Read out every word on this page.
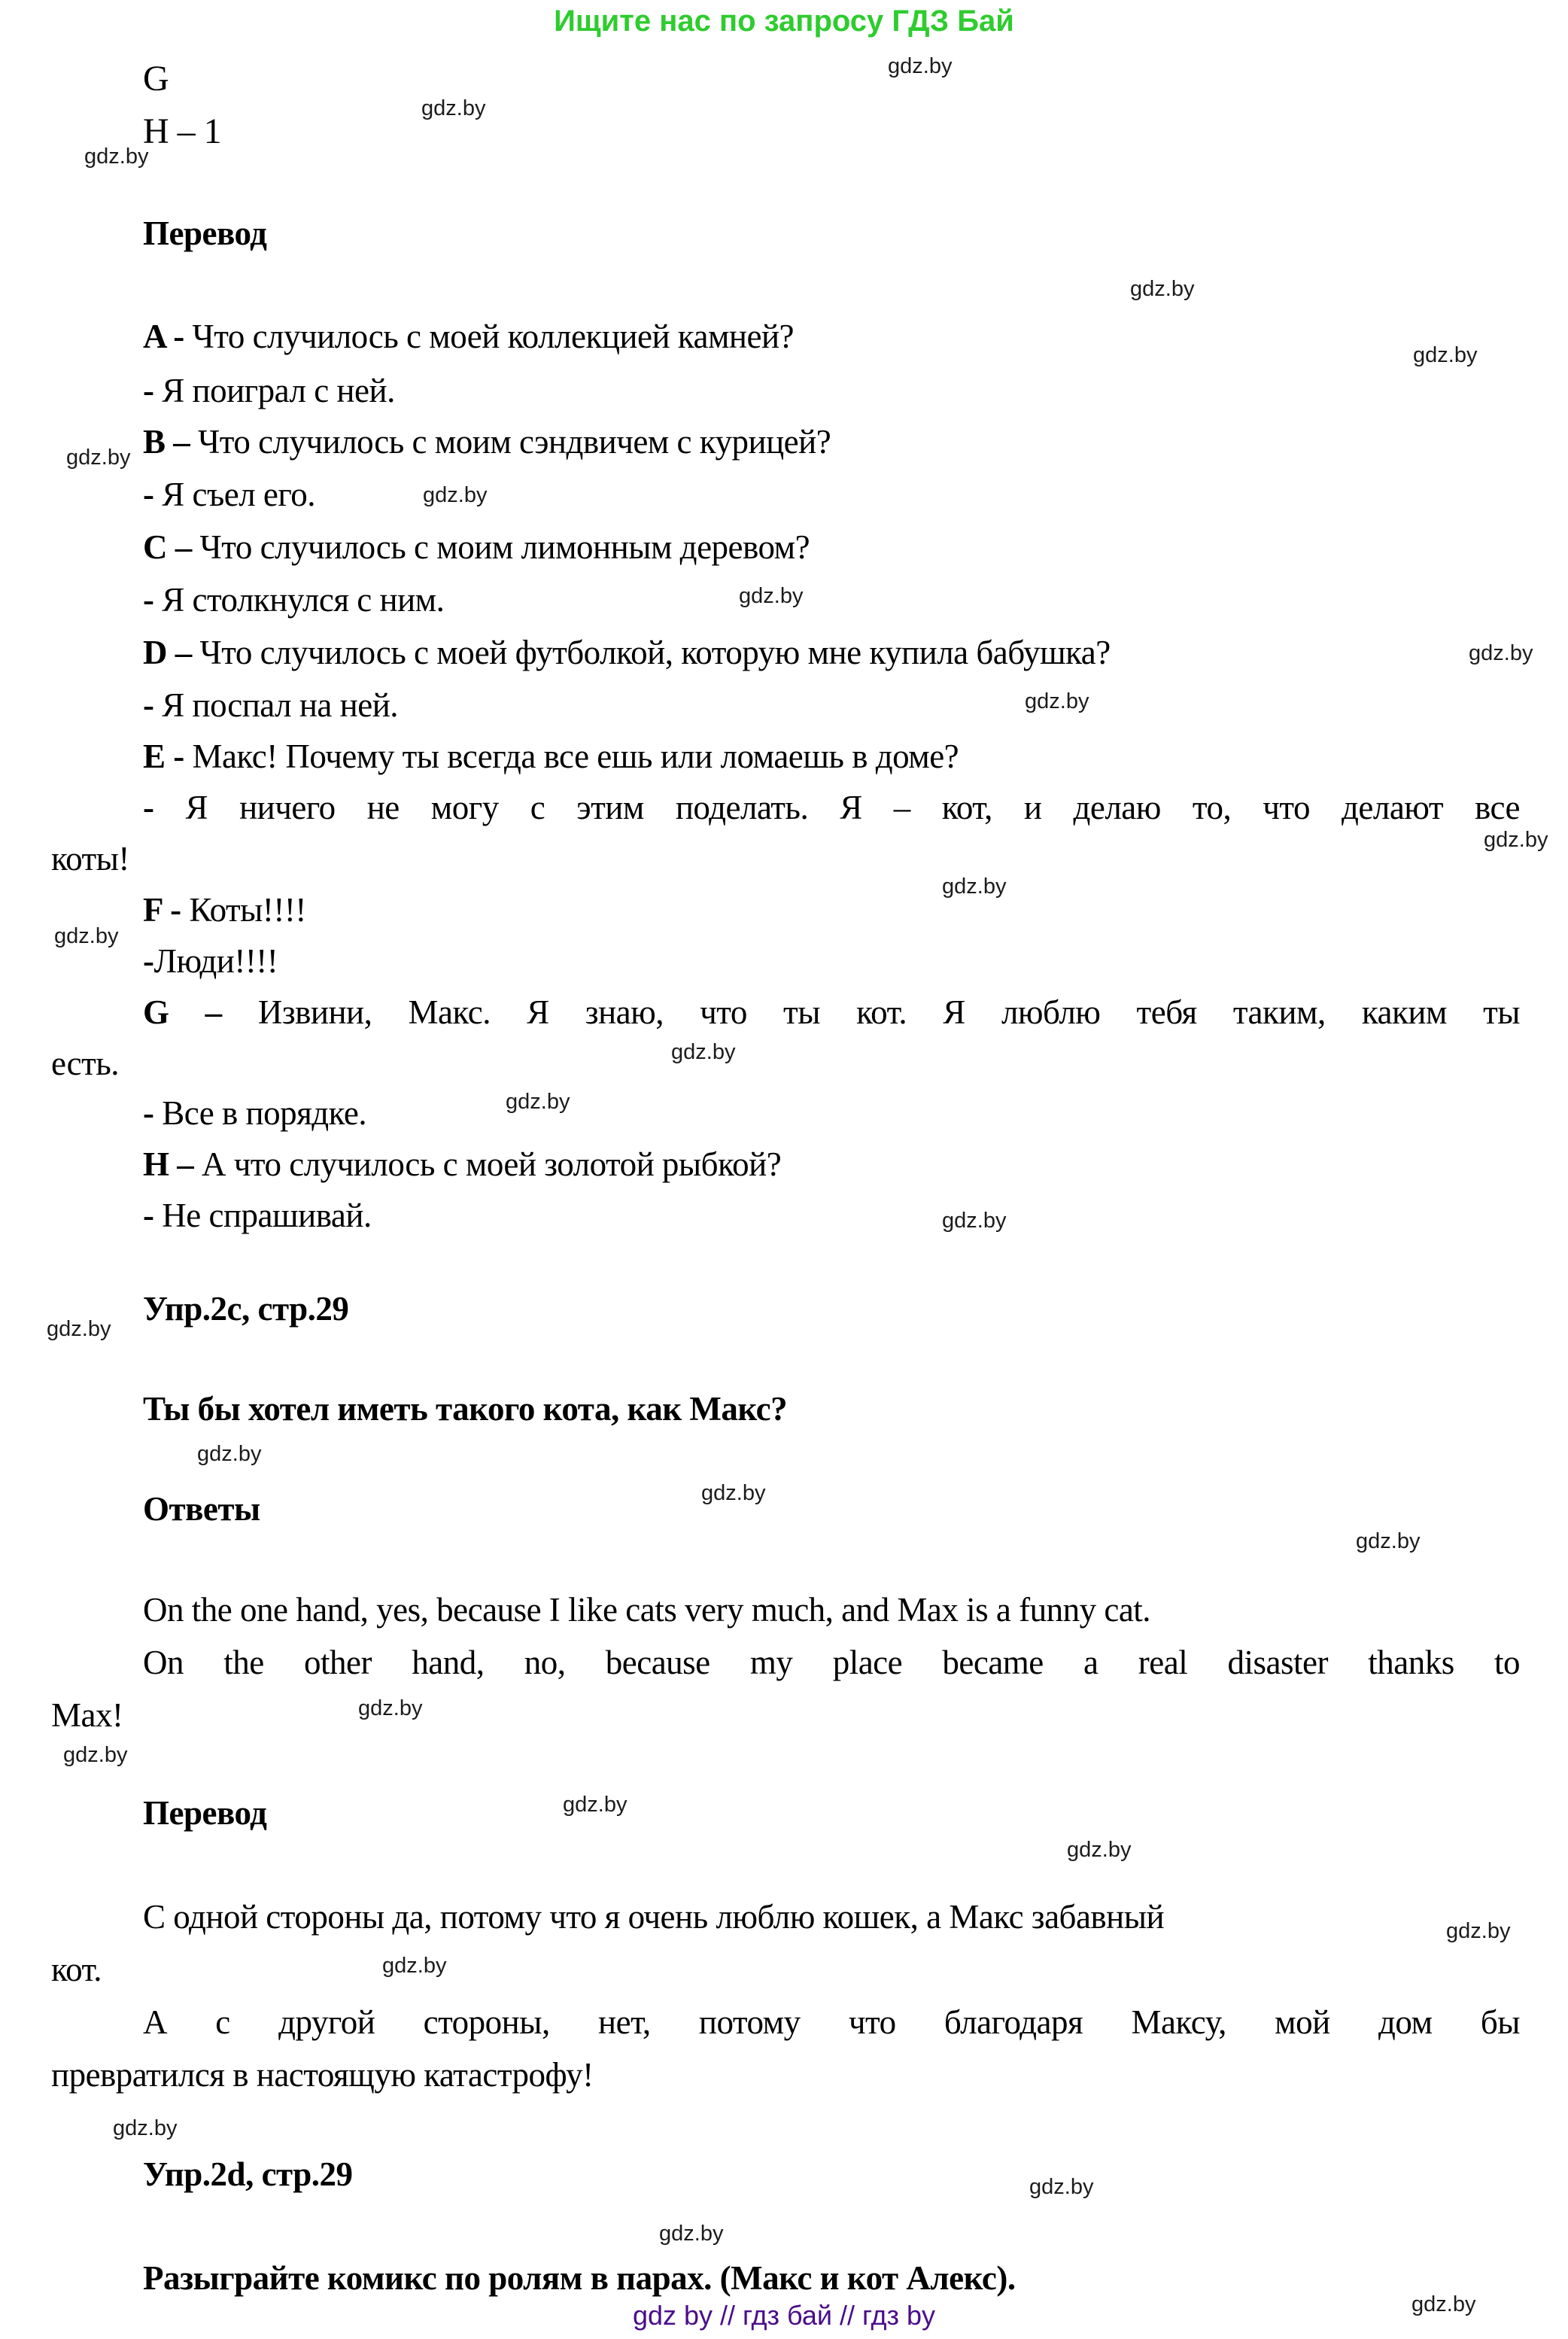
Ищите нас по запросу ГДЗ Бай
G
H – 1
Перевод
A - Что случилось с моей коллекцией камней?
- Я поиграл с ней.
B – Что случилось с моим сэндвичем с курицей?
- Я съел его.
C – Что случилось с моим лимонным деревом?
- Я столкнулся с ним.
D – Что случилось с моей футболкой, которую мне купила бабушка?
- Я поспал на ней.
E - Макс! Почему ты всегда все ешь или ломаешь в доме?
- Я ничего не могу с этим поделать. Я – кот, и делаю то, что делают все
коты!
F - Коты!!!!
-Люди!!!!
G – Извини, Макс. Я знаю, что ты кот. Я люблю тебя таким, каким ты
есть.
- Все в порядке.
H – А что случилось с моей золотой рыбкой?
- Не спрашивай.
Упр.2c, стр.29
Ты бы хотел иметь такого кота, как Макс?
Ответы
On the one hand, yes, because I like cats very much, and Max is a funny cat.
On the other hand, no, because my place became a real disaster thanks to
Max!
Перевод
С одной стороны да, потому что я очень люблю кошек, а Макс забавный
кот.
А с другой стороны, нет, потому что благодаря Максу, мой дом бы
превратился в настоящую катастрофу!
Упр.2d, стр.29
Разыграйте комикс по ролям в парах. (Макс и кот Алекс).
gdz.by
gdz.by
gdz.by
gdz.by
gdz.by
gdz.by
gdz.by
gdz.by
gdz.by
gdz.by
gdz.by
gdz.by
gdz.by
gdz.by
gdz.by
gdz.by
gdz.by
gdz.by
gdz.by
gdz.by
gdz.by
gdz.by
gdz.by
gdz.by
gdz.by
gdz.by
gdz.by
gdz.by
gdz.by
gdz.by
gdz by // гдз бай // гдз by
